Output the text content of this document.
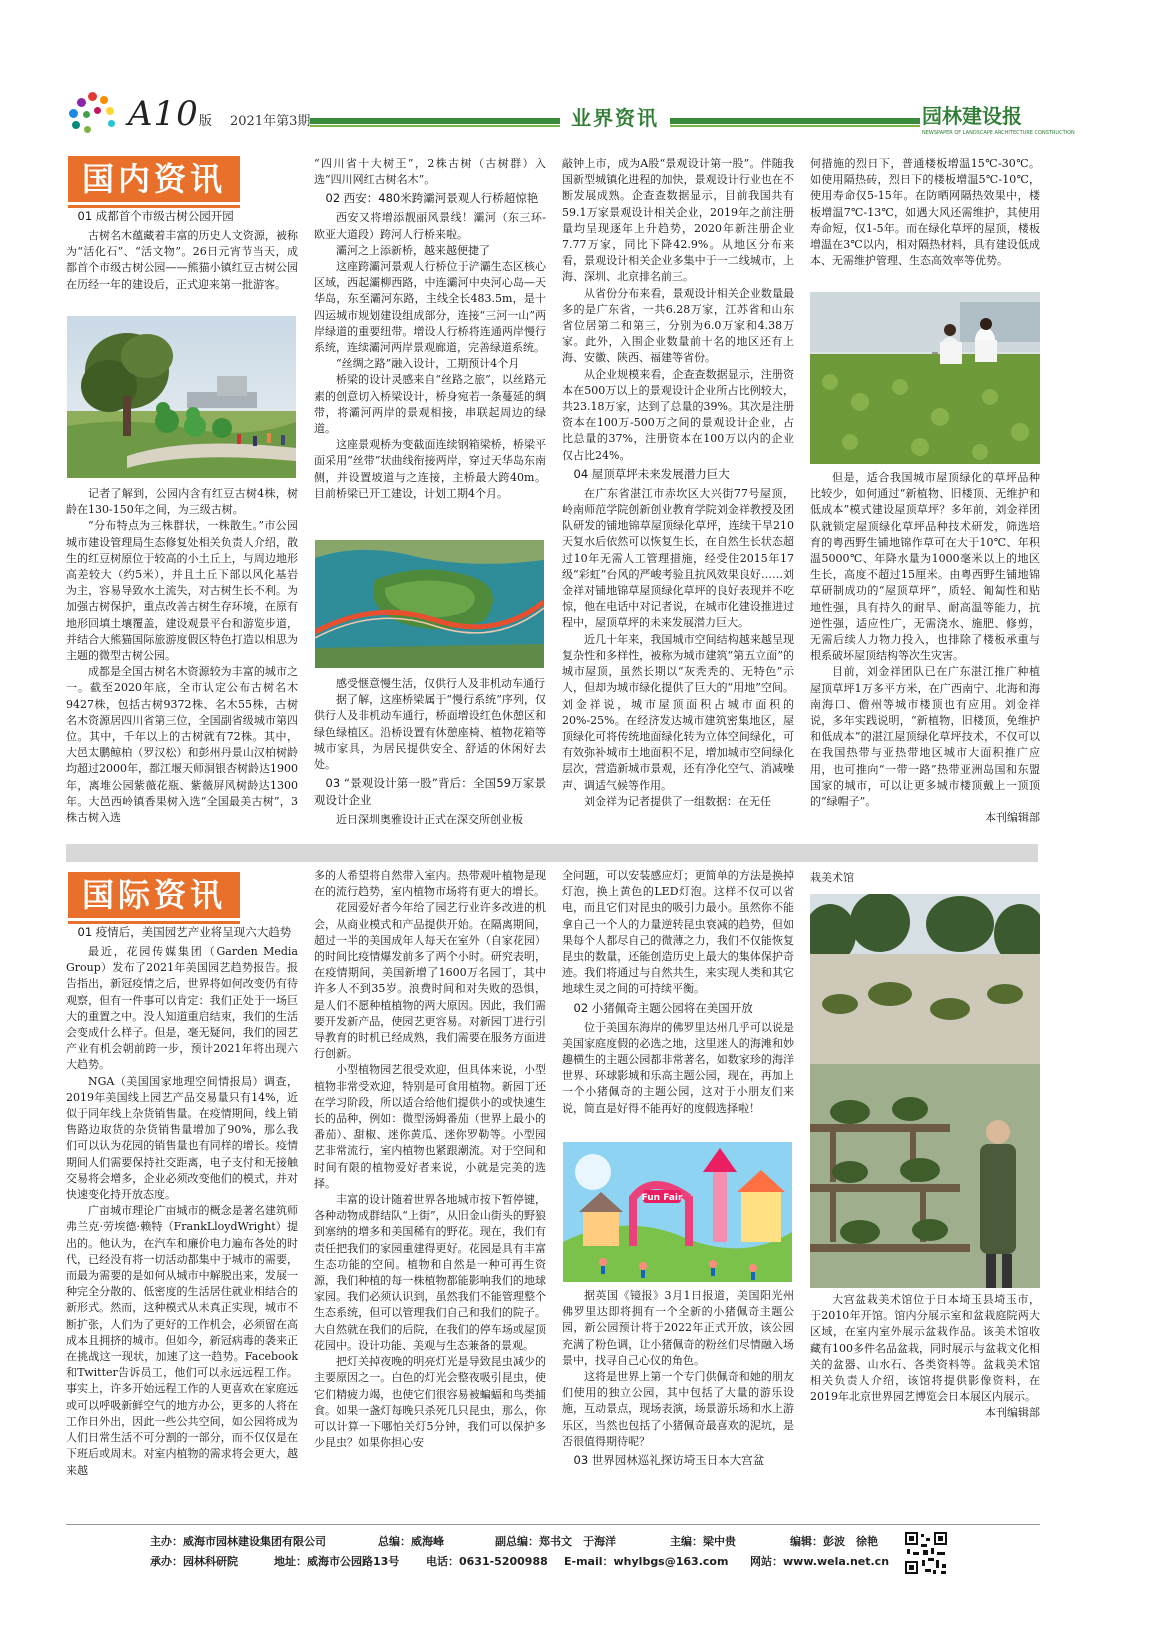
A10版 2021年第3期	业界资讯	园林建设报
NEWSPAPER OF LANDSCAPE ARCHITECTURE CONSTRUCTION
国内资讯
01 成都首个市级古树公园开园

古树名木蕴藏着丰富的历史人文资源，被称为“活化石”、“活文物”。26日元宵节当天，成都首个市级古树公园——熊猫小镇红豆古树公园在历经一年的建设后，正式迎来第一批游客。

记者了解到，公园内含有红豆古树4株，树龄在130-150年之间，为三级古树。

“分布特点为三株群状，一株散生。”市公园城市建设管理局生态修复处相关负责人介绍，散生的红豆树原位于较高的小土丘上，与周边地形高差较大（约5米），并且土丘下部以风化基岩为主，容易导致水土流失，对古树生长不利。为加强古树保护，重点改善古树生存环境，在原有地形回填土壤覆盖，建设观景平台和游览步道，并结合大熊猫国际旅游度假区特色打造以相思为主题的微型古树公园。

成都是全国古树名木资源较为丰富的城市之一。截至2020年底，全市认定公布古树名木9427株，包括古树9372株、名木55株，古树名木资源居四川省第三位，全国副省级城市第四位。其中，千年以上的古树就有72株。其中，大邑太鹏鲸柏（罗汉松）和彭州丹景山汉柏树龄均超过2000年，都江堰天师洞银杏树龄达1900年，离堆公园紫薇花瓶、紫薇屏风树龄达1300年。大邑西岭镇香果树入选“全国最美古树”，3株古树入选

“四川省十大树王”，2株古树（古树群）入选“四川网红古树名木”。

02 西安：480米跨灞河景观人行桥超惊艳

西安又将增添靓丽风景线！灞河（东三环-欧亚大道段）跨河人行桥来啦。

灞河之上添新桥，越来越便捷了

这座跨灞河景观人行桥位于浐灞生态区核心区域，西起灞柳西路，中连灞河中央河心岛—天华岛，东至灞河东路，主线全长483.5m，是十四运城市规划建设组成部分，连接“三河一山”两岸绿道的重要纽带。增设人行桥将连通两岸慢行系统，连续灞河两岸景观廊道，完善绿道系统。

“丝绸之路”融入设计，工期预计4个月

桥梁的设计灵感来自“丝路之旅”，以丝路元素的创意切入桥梁设计，桥身宛若一条蔓延的绸带，将灞河两岸的景观相接，串联起周边的绿道。

这座景观桥为变截面连续钢箱梁桥，桥梁平面采用“丝带”状曲线衔接两岸，穿过天华岛东南侧，并设置坡道与之连接，主桥最大跨40m。目前桥梁已开工建设，计划工期4个月。

感受惬意慢生活，仅供行人及非机动车通行

据了解，这座桥梁属于“慢行系统”序列，仅供行人及非机动车通行，桥面增设红色休憩区和绿色绿植区。沿桥设置有休憩座椅、植物花箱等城市家具，为居民提供安全、舒适的休闲好去处。

03 “景观设计第一股”背后：全国59万家景观设计企业

近日深圳奥雅设计正式在深交所创业板

敲钟上市，成为A股“景观设计第一股”。伴随我国新型城镇化进程的加快，景观设计行业也在不断发展成熟。企查查数据显示，目前我国共有59.1万家景观设计相关企业，2019年之前注册量均呈现逐年上升趋势，2020年新注册企业7.77万家，同比下降42.9%。从地区分布来看，景观设计相关企业多集中于一二线城市，上海、深圳、北京排名前三。

从省份分布来看，景观设计相关企业数量最多的是广东省，一共6.28万家，江苏省和山东省位居第二和第三，分别为6.0万家和4.38万家。此外，入围企业数量前十名的地区还有上海、安徽、陕西、福建等省份。

从企业规模来看，企查查数据显示，注册资本在500万以上的景观设计企业所占比例较大，共23.18万家，达到了总量的39%。其次是注册资本在100万-500万之间的景观设计企业，占比总量的37%，注册资本在100万以内的企业仅占比24%。

04 屋顶草坪未来发展潜力巨大

在广东省湛江市赤坎区大兴街77号屋顶，岭南师范学院创新创业教育学院刘金祥教授及团队研发的铺地锦草屋顶绿化草坪，连续干旱210天复水后依然可以恢复生长，在自然生长状态超过10年无需人工管理措施，经受住2015年17级“彩虹”台风的严峻考验且抗风效果良好……刘金祥对铺地锦草屋顶绿化草坪的良好表现并不吃惊，他在电话中对记者说，在城市化建设推进过程中，屋顶草坪的未来发展潜力巨大。

近几十年来，我国城市空间结构越来越呈现复杂性和多样性，被称为城市建筑“第五立面”的城市屋顶，虽然长期以“灰秃秃的、无特色”示人，但却为城市绿化提供了巨大的“用地”空间。刘金祥说，城市屋顶面积占城市面积的20%-25%。在经济发达城市建筑密集地区，屋顶绿化可将传统地面绿化转为立体空间绿化，可有效弥补城市土地面积不足，增加城市空间绿化层次，营造新城市景观，还有净化空气、消减噪声、调适气候等作用。

刘金祥为记者提供了一组数据：在无任

何措施的烈日下，普通楼板增温15℃-30℃。如使用隔热砖，烈日下的楼板增温5℃-10℃，使用寿命仅5-15年。在防晒网隔热效果中，楼板增温7℃-13℃，如遇大风还需维护，其使用寿命短，仅1-5年。而在绿化草坪的屋顶，楼板增温在3℃以内，相对隔热材料，具有建设低成本、无需维护管理、生态高效率等优势。

但是，适合我国城市屋顶绿化的草坪品种比较少，如何通过“新植物、旧楼顶、无维护和低成本”模式建设屋顶草坪？多年前，刘金祥团队就锁定屋顶绿化草坪品种技术研发，筛选培育的粤西野生铺地锦作草可在大于10℃、年积温5000℃、年降水量为1000毫米以上的地区生长，高度不超过15厘米。由粤西野生铺地锦草研制成功的“屋顶草坪”，质轻、匍匐性和贴地性强，具有持久的耐旱、耐高温等能力，抗逆性强，适应性广，无需浇水、施肥、修剪，无需后续人力物力投入，也排除了楼板承重与根系破坏屋顶结构等次生灾害。

目前，刘金祥团队已在广东湛江推广种植屋顶草坪1万多平方米，在广西南宁、北海和海南海口、儋州等城市楼顶也有应用。刘金祥说，多年实践说明，“新植物，旧楼顶，免维护和低成本”的湛江屋顶绿化草坪技术，不仅可以在我国热带与亚热带地区城市大面积推广应用，也可推向“一带一路”热带亚洲岛国和东盟国家的城市，可以让更多城市楼顶戴上一顶顶的“绿帽子”。

本刊编辑部

国际资讯
01 疫情后，美国园艺产业将呈现六大趋势

最近，花园传媒集团（Garden Media Group）发布了2021年美国园艺趋势报告。报告指出，新冠疫情之后，世界将如何改变仍有待观察，但有一件事可以肯定：我们正处于一场巨大的重置之中。没人知道重启结束，我们的生活会变成什么样子。但是，毫无疑问，我们的园艺产业有机会朝前跨一步，预计2021年将出现六大趋势。

NGA（美国国家地理空间情报局）调查，2019年美国线上园艺产品交易量只有14%，近似于同年线上杂货销售量。在疫情期间，线上销售路边取货的杂货销售量增加了90%，那么我们可以认为花园的销售量也有同样的增长。疫情期间人们需要保持社交距离，电子支付和无接触交易将会增多，企业必须改变他们的模式，并对快速变化持开放态度。

广亩城市理论广亩城市的概念是著名建筑师弗兰克·劳埃德·赖特（FrankLloydWright）提出的。他认为，在汽车和廉价电力遍布各处的时代，已经没有将一切活动都集中于城市的需要，而最为需要的是如何从城市中解脱出来，发展一种完全分散的、低密度的生活居住就业相结合的新形式。然而，这种模式从未真正实现，城市不断扩张，人们为了更好的工作机会，必须留在高成本且拥挤的城市。但如今，新冠病毒的袭来正在挑战这一现状，加速了这一趋势。Facebook和Twitter告诉员工，他们可以永远远程工作。事实上，许多开始远程工作的人更喜欢在家庭远或可以呼吸新鲜空气的地方办公，更多的人将在工作日外出，因此一些公共空间，如公园将成为人们日常生活不可分割的一部分，而不仅仅是在下班后或周末。对室内植物的需求将会更大，越来越

多的人希望将自然带入室内。热带观叶植物是现在的流行趋势，室内植物市场将有更大的增长。

花园爱好者今年给了园艺行业许多改进的机会，从商业模式和产品提供开始。在隔离期间，超过一半的美国成年人每天在室外（自家花园）的时间比疫情爆发前多了两个小时。研究表明，在疫情期间，美国新增了1600万名园丁，其中许多人不到35岁。浪费时间和对失败的恐惧，是人们不愿种植植物的两大原因。因此，我们需要开发新产品，使园艺更容易。对新园丁进行引导教育的时机已经成熟，我们需要在服务方面进行创新。

小型植物园艺很受欢迎，但具体来说，小型植物非常受欢迎，特别是可食用植物。新园丁还在学习阶段，所以适合给他们提供小的或快速生长的品种，例如：微型汤姆番茄（世界上最小的番茄）、甜椒、迷你黄瓜、迷你罗勒等。小型园艺非常流行，室内植物也紧跟潮流。对于空间和时间有限的植物爱好者来说，小就是完美的选择。

丰富的设计随着世界各地城市按下暂停键，各种动物成群结队“上街”，从旧金山街头的野狼到塞纳的增多和美国稀有的野花。现在，我们有责任把我们的家园重建得更好。花园是具有丰富生态功能的空间。植物和自然是一种可再生资源，我们种植的每一株植物都能影响我们的地球家园。我们必须认识到，虽然我们不能管理整个生态系统，但可以管理我们自己和我们的院子。大自然就在我们的后院，在我们的停车场或屋顶花园中。设计功能、美观与生态兼备的景观。

把灯关掉夜晚的明亮灯光是导致昆虫减少的主要原因之一。白色的灯光会整夜吸引昆虫，使它们精疲力竭，也使它们很容易被蝙蝠和鸟类捕食。如果一盏灯每晚只杀死几只昆虫，那么，你可以计算一下哪怕关灯5分钟，我们可以保护多少昆虫？如果你担心安

全问题，可以安装感应灯；更简单的方法是换掉灯泡，换上黄色的LED灯泡。这样不仅可以省电，而且它们对昆虫的吸引力最小。虽然你不能拿自己一个人的力量逆转昆虫衰减的趋势，但如果每个人都尽自己的微薄之力，我们不仅能恢复昆虫的数量，还能创造历史上最大的集体保护奇迹。我们将通过与自然共生，来实现人类和其它地球生灵之间的可持续平衡。

02 小猪佩奇主题公园将在美国开放

位于美国东海岸的佛罗里达州几乎可以说是美国家庭度假的必选之地，这里迷人的海滩和妙趣横生的主题公园都非常著名，如数家珍的海洋世界、环球影城和乐高主题公园，现在，再加上一个小猪佩奇的主题公园，这对于小朋友们来说，简直是好得不能再好的度假选择啦！

Fun Fair

据英国《镜报》3月1日报道，美国阳光州佛罗里达即将拥有一个全新的小猪佩奇主题公园，新公园预计将于2022年正式开放，该公园充满了粉色调，让小猪佩奇的粉丝们尽情融入场景中，找寻自己心仪的角色。

这将是世界上第一个专门供佩奇和她的朋友们使用的独立公园，其中包括了大量的游乐设施，互动景点，现场表演，场景游乐场和水上游乐区，当然也包括了小猪佩奇最喜欢的泥坑，是否很值得期待呢？

03 世界园林巡礼探访埼玉日本大宫盆

栽美术馆

大宫盆栽美术馆位于日本埼玉县埼玉市，于2010年开馆。馆内分展示室和盆栽庭院两大区域，在室内室外展示盆栽作品。该美术馆收藏有100多件名品盆栽，同时展示与盆栽文化相关的盆器、山水石、各类资料等。盆栽美术馆相关负责人介绍，该馆将提供影像资料，在2019年北京世界园艺博览会日本展区内展示。

本刊编辑部

主办：威海市园林建设集团有限公司	总编：威海峰	副总编：郑书文　于海洋	主编：梁中贵	编辑：彭波　徐艳
承办：园林科研院	地址：威海市公园路13号 电话：0631-5200988 E-mail：whylbgs@163.com 网站：www.wela.net.cn
